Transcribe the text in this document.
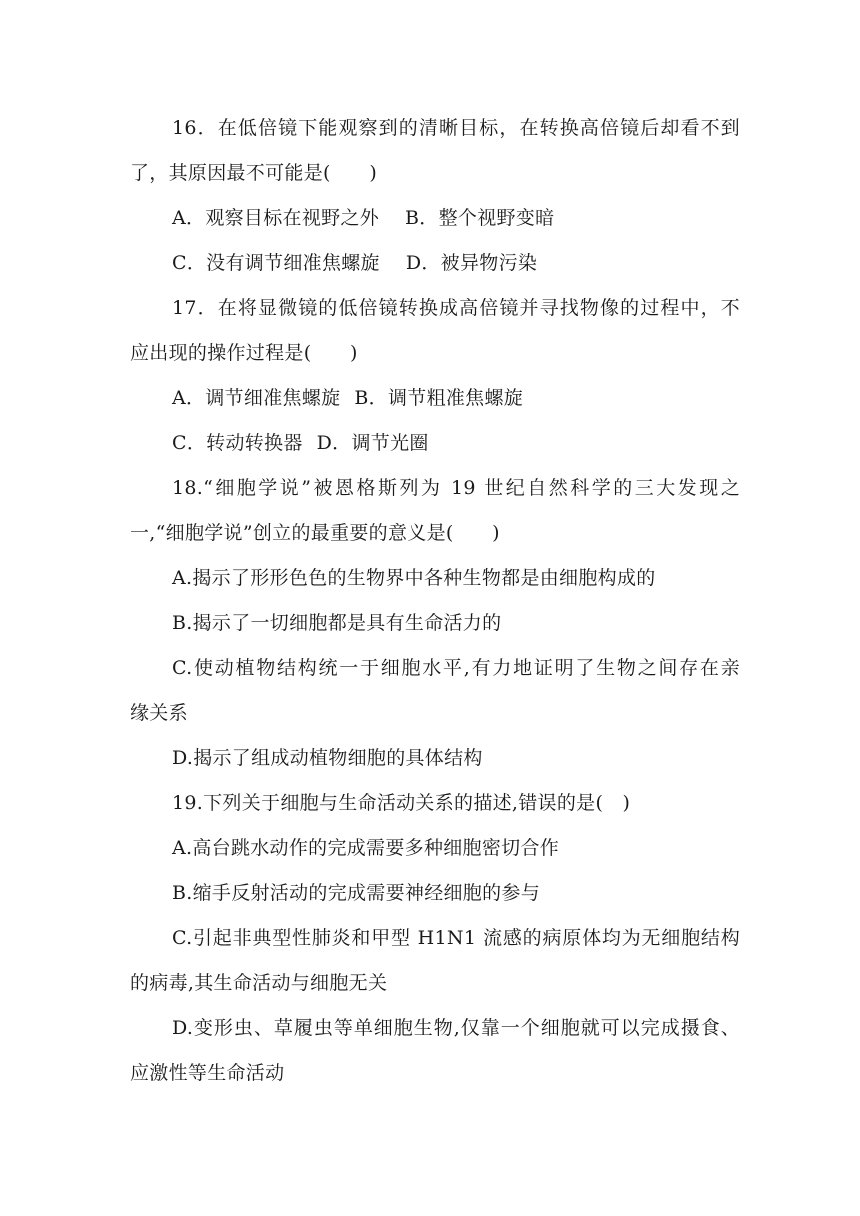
16．在低倍镜下能观察到的清晰目标，在转换高倍镜后却看不到
了，其原因最不可能是(　　)
A．观察目标在视野之外 B．整个视野变暗
C．没有调节细准焦螺旋 D．被异物污染
17．在将显微镜的低倍镜转换成高倍镜并寻找物像的过程中，不
应出现的操作过程是(　　)
A．调节细准焦螺旋 B．调节粗准焦螺旋
C．转动转换器 D．调节光圈
18.“细胞学说”被恩格斯列为 19 世纪自然科学的三大发现之
一,“细胞学说”创立的最重要的意义是(　　)
A.揭示了形形色色的生物界中各种生物都是由细胞构成的
B.揭示了一切细胞都是具有生命活力的
C.使动植物结构统一于细胞水平,有力地证明了生物之间存在亲
缘关系
D.揭示了组成动植物细胞的具体结构
19.下列关于细胞与生命活动关系的描述,错误的是(　)
A.高台跳水动作的完成需要多种细胞密切合作
B.缩手反射活动的完成需要神经细胞的参与
C.引起非典型性肺炎和甲型 H1N1 流感的病原体均为无细胞结构
的病毒,其生命活动与细胞无关
D.变形虫、草履虫等单细胞生物,仅靠一个细胞就可以完成摄食、
应激性等生命活动
